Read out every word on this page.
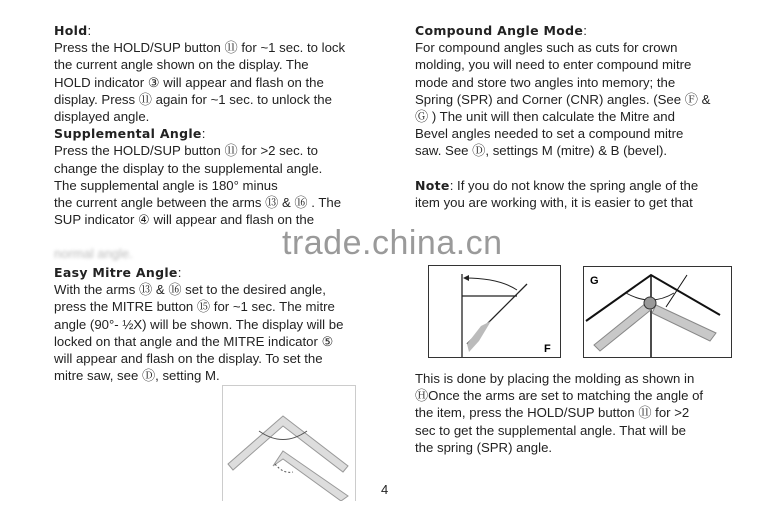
Hold:
Press the HOLD/SUP button ⑪ for ~1 sec. to lock
the current angle shown on the display. The
HOLD indicator ③ will appear and flash on the
display. Press ⑪ again for ~1 sec. to unlock the
displayed angle.
Supplemental Angle:
Press the HOLD/SUP button ⑪ for >2 sec. to
change the display to the supplemental angle.
The supplemental angle is 180° minus
the current angle between the arms ⑬ & ⑯ . The
SUP indicator ④ will appear and flash on the
normal angle.
Easy Mitre Angle:
With the arms ⑬ & ⑯ set to the desired angle,
press the MITRE button ⑮ for ~1 sec. The mitre
angle (90°- ½X) will be shown. The display will be
locked on that angle and the MITRE indicator ⑤
will appear and flash on the display. To set the
mitre saw, see Ⓓ, setting M.
Compound Angle Mode:
For compound angles such as cuts for crown
molding, you will need to enter compound mitre
mode and store two angles into memory; the
Spring (SPR) and Corner (CNR) angles. (See Ⓕ &
Ⓖ ) The unit will then calculate the Mitre and
Bevel angles needed to set a compound mitre
saw. See Ⓓ, settings M (mitre) & B (bevel).
Note: If you do not know the spring angle of the
item you are working with, it is easier to get that
This is done by placing the molding as shown in
ⒽOnce the arms are set to matching the angle of
the item, press the HOLD/SUP button ⑪ for >2
sec to get the supplemental angle. That will be
the spring (SPR) angle.
trade.china.cn
F
G
4
